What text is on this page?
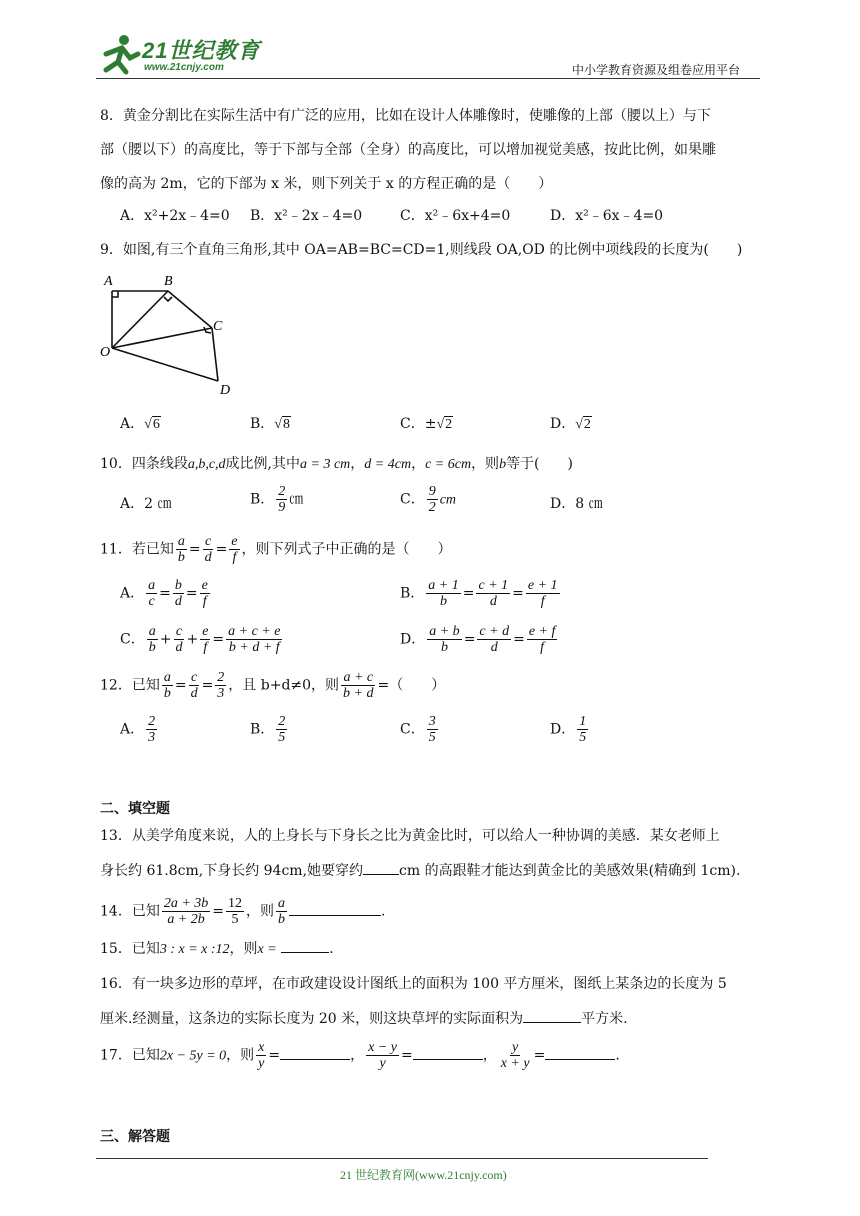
21世纪教育
www.21cnjy.com	中小学教育资源及组卷应用平台
8．黄金分割比在实际生活中有广泛的应用，比如在设计人体雕像时，使雕像的上部（腰以上）与下
部（腰以下）的高度比，等于下部与全部（全身）的高度比，可以增加视觉美感，按此比例，如果雕
像的高为 2m，它的下部为 x 米，则下列关于 x 的方程正确的是（　　）
A．x²+2x﹣4=0 B．x²﹣2x﹣4=0	C．x²﹣6x+4=0	D．x²﹣6x﹣4=0
9．如图,有三个直角三角形,其中 OA=AB=BC=CD=1,则线段 OA,OD 的比例中项线段的长度为(　　)
A	B
C
O
D
A．√6	B．√8	C．±√2	D．√2
10．四条线段a,b,c,d成比例,其中a = 3 cm，d = 4cm，c = 6cm，则b等于(　　)
A．2 ㎝	B． $\frac{2}{9}$ ㎝	C． $\frac{9}{2}$ cm	D．8 ㎝
11．若已知 $\frac{a}{b} = \frac{c}{d} = \frac{e}{f}$ ，则下列式子中正确的是（　　）
A． $\frac{a}{c} = \frac{b}{d} = \frac{e}{f}$	B． $\frac{a + 1}{b} = \frac{c + 1}{d} = \frac{e + 1}{f}$
C． $\frac{a}{b} + \frac{c}{d} + \frac{e}{f} = \frac{a + c + e}{b + d + f}$	D． $\frac{a + b}{b} = \frac{c + d}{d} = \frac{e + f}{f}$
12．已知 $\frac{a}{b} = \frac{c}{d} = \frac{2}{3}$ ，且 b+d≠0，则 $\frac{a + c}{b + d}$ =（　　）
A． $\frac{2}{3}$	B． $\frac{2}{5}$	C． $\frac{3}{5}$	D． $\frac{1}{5}$
二、填空题
13．从美学角度来说，人的上身长与下身长之比为黄金比时，可以给人一种协调的美感．某女老师上
身长约 61.8cm,下身长约 94cm,她要穿约	cm 的高跟鞋才能达到黄金比的美感效果(精确到 1cm).
14．已知 $\frac{2a + 3b}{a + 2b} = \frac{12}{5}$ ，则 $\frac{a}{b}$	.
15．已知3 : x = x :12，则x =	.
16．有一块多边形的草坪，在市政建设设计图纸上的面积为 100 平方厘米，图纸上某条边的长度为 5
厘米.经测量，这条边的实际长度为 20 米，则这块草坪的实际面积为	平方米.
17．已知2x − 5y = 0，则 $\frac{x}{y}$ =	， $\frac{x - y}{y}$ =	， $\frac{y}{x + y}$ =	.
三、解答题
21 世纪教育网(www.21cnjy.com)
